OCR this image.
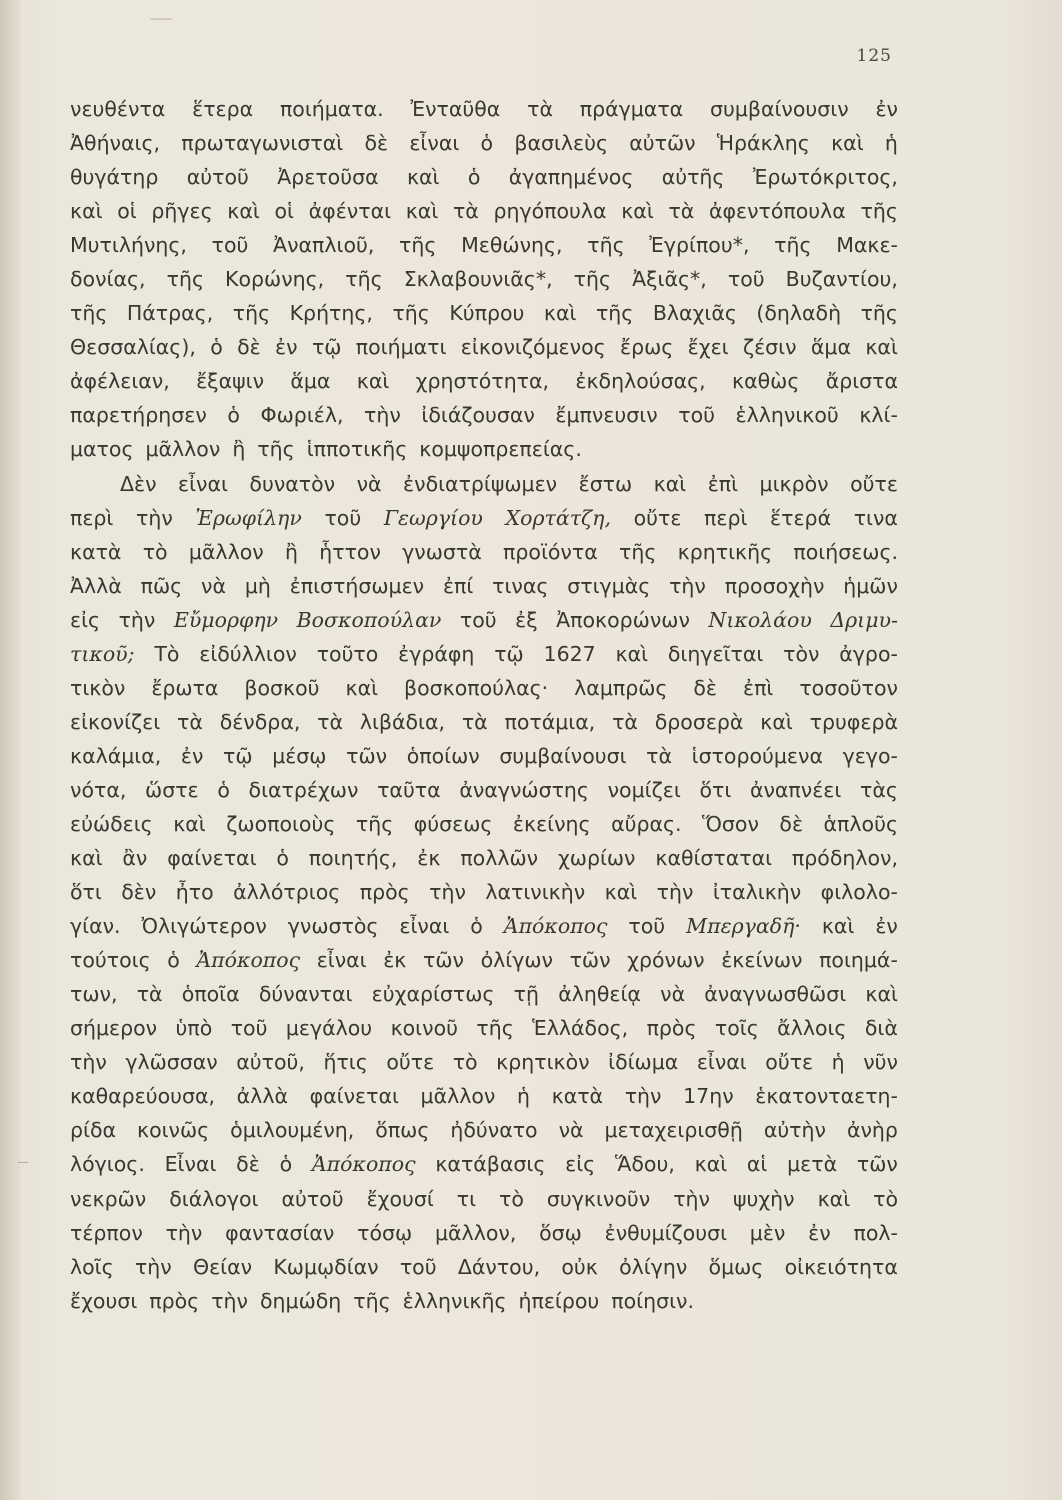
125
νευθέντα ἕτερα ποιήματα. Ἐνταῦθα τὰ πράγματα συμβαίνουσιν ἐν
Ἀθήναις, πρωταγωνισταὶ δὲ εἶναι ὁ βασιλεὺς αὐτῶν Ἡράκλης καὶ ἡ
θυγάτηρ αὐτοῦ Ἀρετοῦσα καὶ ὁ ἀγαπημένος αὐτῆς Ἐρωτόκριτος,
καὶ οἱ ρῆγες καὶ οἱ ἀφένται καὶ τὰ ρηγόπουλα καὶ τὰ ἀφεντόπουλα τῆς
Μυτιλήνης, τοῦ Ἀναπλιοῦ, τῆς Μεθώνης, τῆς Ἐγρίπου*, τῆς Μακε-
δονίας, τῆς Κορώνης, τῆς Σκλαβουνιᾶς*, τῆς Ἀξιᾶς*, τοῦ Βυζαντίου,
τῆς Πάτρας, τῆς Κρήτης, τῆς Κύπρου καὶ τῆς Βλαχιᾶς (δηλαδὴ τῆς
Θεσσαλίας), ὁ δὲ ἐν τῷ ποιήματι εἰκονιζόμενος ἔρως ἔχει ζέσιν ἅμα καὶ
ἀφέλειαν, ἔξαψιν ἅμα καὶ χρηστότητα, ἐκδηλούσας, καθὼς ἄριστα
παρετήρησεν ὁ Φωριέλ, τὴν ἰδιάζουσαν ἔμπνευσιν τοῦ ἑλληνικοῦ κλί-
ματος μᾶλλον ἢ τῆς ἱπποτικῆς κομψοπρεπείας.
Δὲν εἶναι δυνατὸν νὰ ἐνδιατρίψωμεν ἔστω καὶ ἐπὶ μικρὸν οὔτε
περὶ τὴν Ἐρωφίλην τοῦ Γεωργίου Χορτάτζη, οὔτε περὶ ἕτερά τινα
κατὰ τὸ μᾶλλον ἢ ἧττον γνωστὰ προϊόντα τῆς κρητικῆς ποιήσεως.
Ἀλλὰ πῶς νὰ μὴ ἐπιστήσωμεν ἐπί τινας στιγμὰς τὴν προσοχὴν ἡμῶν
εἰς τὴν Εὔμορφην Βοσκοπούλαν τοῦ ἐξ Ἀποκορώνων Νικολάου Δριμυ-
τικοῦ; Τὸ εἰδύλλιον τοῦτο ἐγράφη τῷ 1627 καὶ διηγεῖται τὸν ἀγρο-
τικὸν ἔρωτα βοσκοῦ καὶ βοσκοπούλας· λαμπρῶς δὲ ἐπὶ τοσοῦτον
εἰκονίζει τὰ δένδρα, τὰ λιβάδια, τὰ ποτάμια, τὰ δροσερὰ καὶ τρυφερὰ
καλάμια, ἐν τῷ μέσῳ τῶν ὁποίων συμβαίνουσι τὰ ἱστορούμενα γεγο-
νότα, ὥστε ὁ διατρέχων ταῦτα ἀναγνώστης νομίζει ὅτι ἀναπνέει τὰς
εὐώδεις καὶ ζωοποιοὺς τῆς φύσεως ἐκείνης αὔρας. Ὅσον δὲ ἁπλοῦς
καὶ ἂν φαίνεται ὁ ποιητής, ἐκ πολλῶν χωρίων καθίσταται πρόδηλον,
ὅτι δὲν ἦτο ἀλλότριος πρὸς τὴν λατινικὴν καὶ τὴν ἰταλικὴν φιλολο-
γίαν. Ὀλιγώτερον γνωστὸς εἶναι ὁ Ἀπόκοπος τοῦ Μπεργαδῆ· καὶ ἐν
τούτοις ὁ Ἀπόκοπος εἶναι ἐκ τῶν ὀλίγων τῶν χρόνων ἐκείνων ποιημά-
των, τὰ ὁποῖα δύνανται εὐχαρίστως τῇ ἀληθείᾳ νὰ ἀναγνωσθῶσι καὶ
σήμερον ὑπὸ τοῦ μεγάλου κοινοῦ τῆς Ἑλλάδος, πρὸς τοῖς ἄλλοις διὰ
τὴν γλῶσσαν αὐτοῦ, ἥτις οὔτε τὸ κρητικὸν ἰδίωμα εἶναι οὔτε ἡ νῦν
καθαρεύουσα, ἀλλὰ φαίνεται μᾶλλον ἡ κατὰ τὴν 17ην ἑκατονταετη-
ρίδα κοινῶς ὁμιλουμένη, ὅπως ἠδύνατο νὰ μεταχειρισθῇ αὐτὴν ἀνὴρ
λόγιος. Εἶναι δὲ ὁ Ἀπόκοπος κατάβασις εἰς Ἅδου, καὶ αἱ μετὰ τῶν
νεκρῶν διάλογοι αὐτοῦ ἔχουσί τι τὸ συγκινοῦν τὴν ψυχὴν καὶ τὸ
τέρπον τὴν φαντασίαν τόσῳ μᾶλλον, ὅσῳ ἐνθυμίζουσι μὲν ἐν πολ-
λοῖς τὴν Θείαν Κωμῳδίαν τοῦ Δάντου, οὐκ ὀλίγην ὅμως οἰκειότητα
ἔχουσι πρὸς τὴν δημώδη τῆς ἑλληνικῆς ἠπείρου ποίησιν.
